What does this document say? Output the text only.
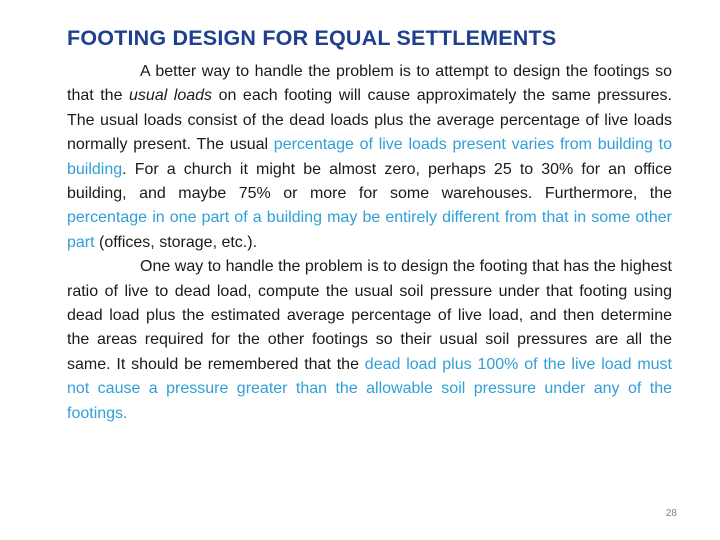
FOOTING DESIGN FOR EQUAL SETTLEMENTS

A better way to handle the problem is to attempt to design the footings so that the usual loads on each footing will cause approximately the same pressures. The usual loads consist of the dead loads plus the average percentage of live loads normally present. The usual percentage of live loads present varies from building to building. For a church it might be almost zero, perhaps 25 to 30% for an office building, and maybe 75% or more for some warehouses. Furthermore, the percentage in one part of a building may be entirely different from that in some other part (offices, storage, etc.).

One way to handle the problem is to design the footing that has the highest ratio of live to dead load, compute the usual soil pressure under that footing using dead load plus the estimated average percentage of live load, and then determine the areas required for the other footings so their usual soil pressures are all the same. It should be remembered that the dead load plus 100% of the live load must not cause a pressure greater than the allowable soil pressure under any of the footings.

28
